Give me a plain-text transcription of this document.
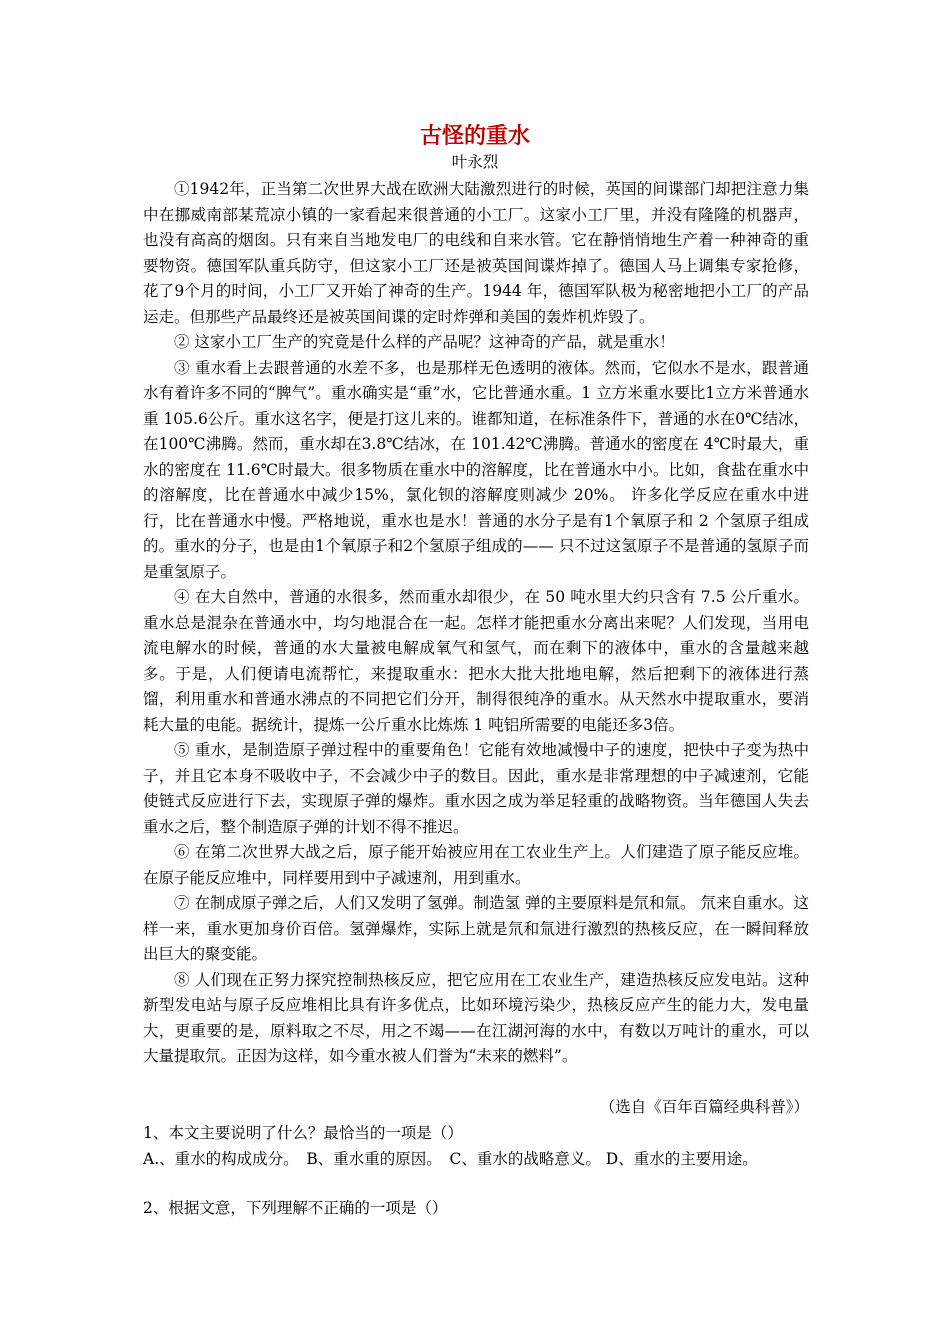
古怪的重水
叶永烈

①1942年，正当第二次世界大战在欧洲大陆激烈进行的时候，英国的间谍部门却把注意力集中在挪威南部某荒凉小镇的一家看起来很普通的小工厂。这家小工厂里，并没有隆隆的机器声，也没有高高的烟囱。只有来自当地发电厂的电线和自来水管。它在静悄悄地生产着一种神奇的重要物资。德国军队重兵防守，但这家小工厂还是被英国间谍炸掉了。德国人马上调集专家抢修，花了9个月的时间，小工厂又开始了神奇的生产。1944 年，德国军队极为秘密地把小工厂的产品运走。但那些产品最终还是被英国间谍的定时炸弹和美国的轰炸机炸毁了。

② 这家小工厂生产的究竟是什么样的产品呢？这神奇的产品，就是重水！

③ 重水看上去跟普通的水差不多，也是那样无色透明的液体。然而，它似水不是水，跟普通水有着许多不同的“脾气”。重水确实是“重”水，它比普通水重。1 立方米重水要比1立方米普通水重 105.6公斤。重水这名字，便是打这儿来的。谁都知道，在标准条件下，普通的水在0℃结冰，在100℃沸腾。然而，重水却在3.8℃结冰，在 101.42℃沸腾。普通水的密度在 4℃时最大，重水的密度在 11.6℃时最大。很多物质在重水中的溶解度，比在普通水中小。比如，食盐在重水中的溶解度，比在普通水中减少15%，氯化钡的溶解度则减少 20%。 许多化学反应在重水中进行，比在普通水中慢。严格地说，重水也是水！普通的水分子是有1个氧原子和 2 个氢原子组成的。重水的分子，也是由1个氧原子和2个氢原子组成的—— 只不过这氢原子不是普通的氢原子而是重氢原子。

④ 在大自然中，普通的水很多，然而重水却很少，在 50 吨水里大约只含有 7.5 公斤重水。重水总是混杂在普通水中，均匀地混合在一起。怎样才能把重水分离出来呢？人们发现，当用电流电解水的时候，普通的水大量被电解成氧气和氢气，而在剩下的液体中，重水的含量越来越多。于是，人们便请电流帮忙，来提取重水：把水大批大批地电解，然后把剩下的液体进行蒸馏，利用重水和普通水沸点的不同把它们分开，制得很纯净的重水。从天然水中提取重水，要消耗大量的电能。据统计，提炼一公斤重水比炼炼 1 吨铝所需要的电能还多3倍。

⑤ 重水，是制造原子弹过程中的重要角色！它能有效地减慢中子的速度，把快中子变为热中子，并且它本身不吸收中子，不会减少中子的数目。因此，重水是非常理想的中子减速剂，它能使链式反应进行下去，实现原子弹的爆炸。重水因之成为举足轻重的战略物资。当年德国人失去重水之后，整个制造原子弹的计划不得不推迟。

⑥ 在第二次世界大战之后，原子能开始被应用在工农业生产上。人们建造了原子能反应堆。在原子能反应堆中，同样要用到中子减速剂，用到重水。

⑦ 在制成原子弹之后，人们又发明了氢弹。制造氢 弹的主要原料是氘和氚。 氘来自重水。这样一来，重水更加身价百倍。氢弹爆炸，实际上就是氘和氚进行激烈的热核反应，在一瞬间释放出巨大的聚变能。

⑧ 人们现在正努力探究控制热核反应，把它应用在工农业生产，建造热核反应发电站。这种新型发电站与原子反应堆相比具有许多优点，比如环境污染少，热核反应产生的能力大，发电量大，更重要的是，原料取之不尽，用之不竭——在江湖河海的水中，有数以万吨计的重水，可以大量提取氘。正因为这样，如今重水被人们誉为“未来的燃料”。

（选自《百年百篇经典科普》）
1、本文主要说明了什么？最恰当的一项是（）
A.、重水的构成成分。　B、重水重的原因。　C、重水的战略意义。 D、重水的主要用途。
2、根据文意，下列理解不正确的一项是（）
